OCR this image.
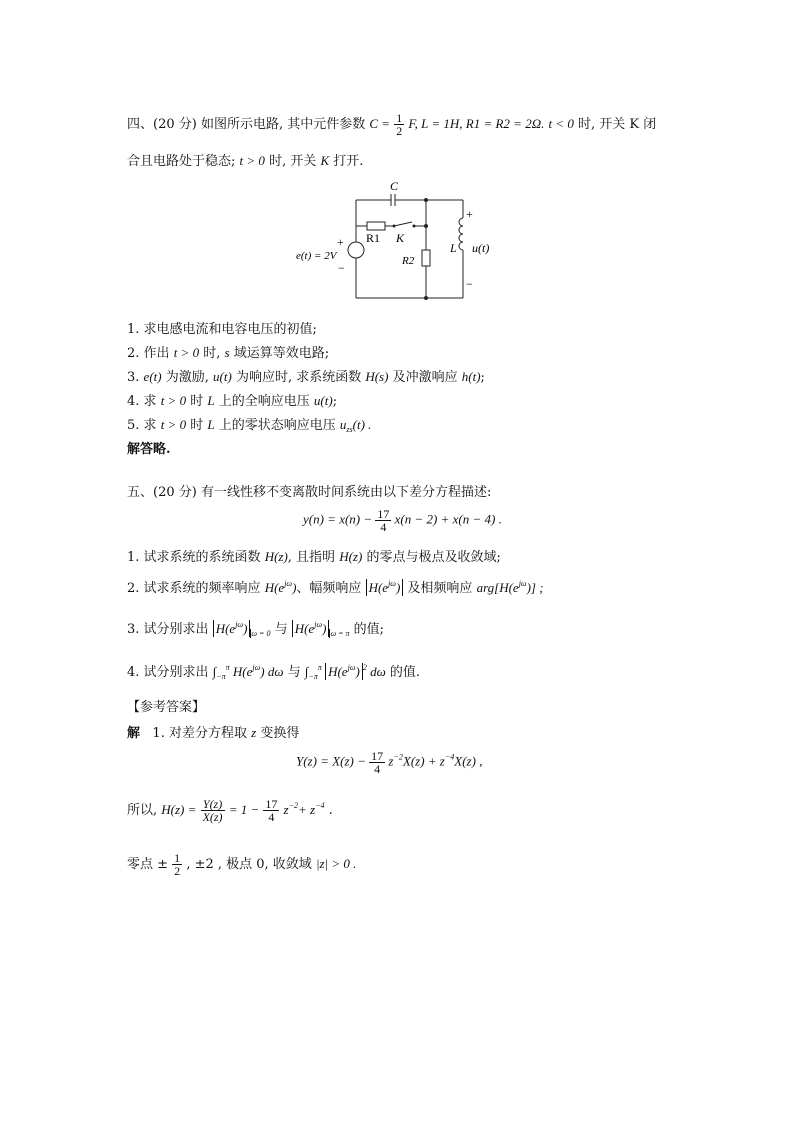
四、(20 分) 如图所示电路, 其中元件参数 $C = \frac{1}{2} F$, L = 1H, R1 = R2 = 2Ω. t < 0 时, 开关 K 闭
合且电路处于稳态; t > 0 时, 开关 K 打开.
C
R1 K
R2
L u(t)
e(t) = 2V
+
−
+
−
1. 求电感电流和电容电压的初值;
2. 作出 t > 0 时, s 域运算等效电路;
3. e(t) 为激励, u(t) 为响应时, 求系统函数 H(s) 及冲激响应 h(t);
4. 求 t > 0 时 L 上的全响应电压 u(t);
5. 求 t > 0 时 L 上的零状态响应电压 $u_{zs}(t)$ .
解答略.
五、(20 分) 有一线性移不变离散时间系统由以下差分方程描述:
$y(n) = x(n) - \frac{17}{4} x(n - 2) + x(n - 4)$ .
1. 试求系统的系统函数 H(z), 且指明 H(z) 的零点与极点及收敛域;
2. 试求系统的频率响应 $H(e^{j\omega})$、幅频响应 $H(e^{j\omega})$ 及相频响应 $arg[H(e^{j\omega})]$ ;
3. 试分别求出 $H(e^{j\omega})$ $_{\omega = 0}$ 与 $H(e^{j\omega})$ $_{\omega = \pi}$ 的值;
4. 试分别求出 $\int_{-\pi}^\pi$ $H(e^{j\omega})$ dω 与 $\int_{-\pi}^\pi$ $H(e^{j\omega})$ $^2$ dω 的值.
【参考答案】
解 1. 对差分方程取 z 变换得
$Y(z) = X(z) - \frac{17}{4} z^{-2}X(z) + z^{-4}X(z)$ ,
所以, $H(z) = \frac{Y(z)}{X(z)} = 1 - \frac{17}{4} z^{-2}+ z^{-4}$ .
零点 ± $\frac{1}{2}$ , ±2 , 极点 0, 收敛域 |z| > 0 .
